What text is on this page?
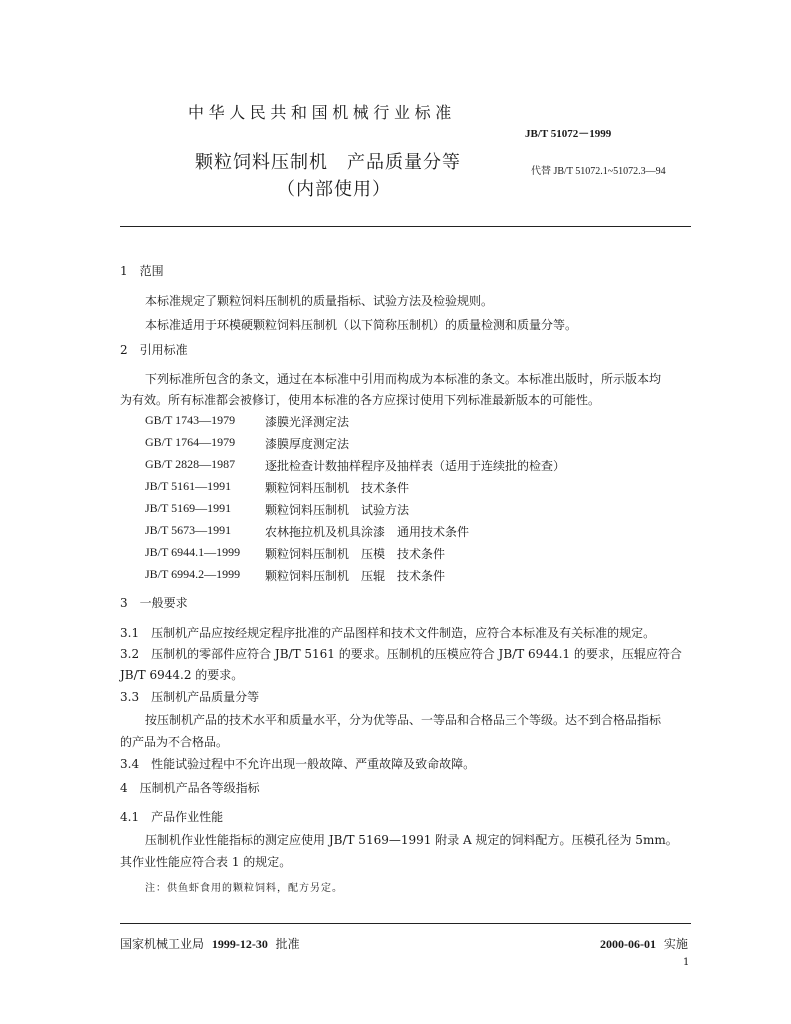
中华人民共和国机械行业标准
JB/T 51072－1999
颗粒饲料压制机　产品质量分等
（内部使用）
代替 JB/T 51072.1~51072.3—94
1　范围
本标准规定了颗粒饲料压制机的质量指标、试验方法及检验规则。
本标准适用于环模硬颗粒饲料压制机（以下简称压制机）的质量检测和质量分等。
2　引用标准
下列标准所包含的条文，通过在本标准中引用而构成为本标准的条文。本标准出版时，所示版本均
为有效。所有标准都会被修订，使用本标准的各方应探讨使用下列标准最新版本的可能性。
GB/T 1743—1979 漆膜光泽测定法
GB/T 1764—1979 漆膜厚度测定法
GB/T 2828—1987 逐批检查计数抽样程序及抽样表（适用于连续批的检查）
JB/T 5161—1991	颗粒饲料压制机　技术条件
JB/T 5169—1991	颗粒饲料压制机　试验方法
JB/T 5673—1991	农林拖拉机及机具涂漆　通用技术条件
JB/T 6944.1—1999 颗粒饲料压制机　压模　技术条件
JB/T 6994.2—1999 颗粒饲料压制机　压辊　技术条件
3　一般要求
3.1　压制机产品应按经规定程序批准的产品图样和技术文件制造，应符合本标准及有关标准的规定。
3.2　压制机的零部件应符合 JB/T 5161 的要求。压制机的压模应符合 JB/T 6944.1 的要求，压辊应符合
JB/T 6944.2 的要求。
3.3　压制机产品质量分等
按压制机产品的技术水平和质量水平，分为优等品、一等品和合格品三个等级。达不到合格品指标
的产品为不合格品。
3.4　性能试验过程中不允许出现一般故障、严重故障及致命故障。
4　压制机产品各等级指标
4.1　产品作业性能
压制机作业性能指标的测定应使用 JB/T 5169—1991 附录 A 规定的饲料配方。压模孔径为 5mm。
其作业性能应符合表 1 的规定。
注：供鱼虾食用的颗粒饲料，配方另定。
国家机械工业局 1999-12-30 批准	2000-06-01 实施
1
